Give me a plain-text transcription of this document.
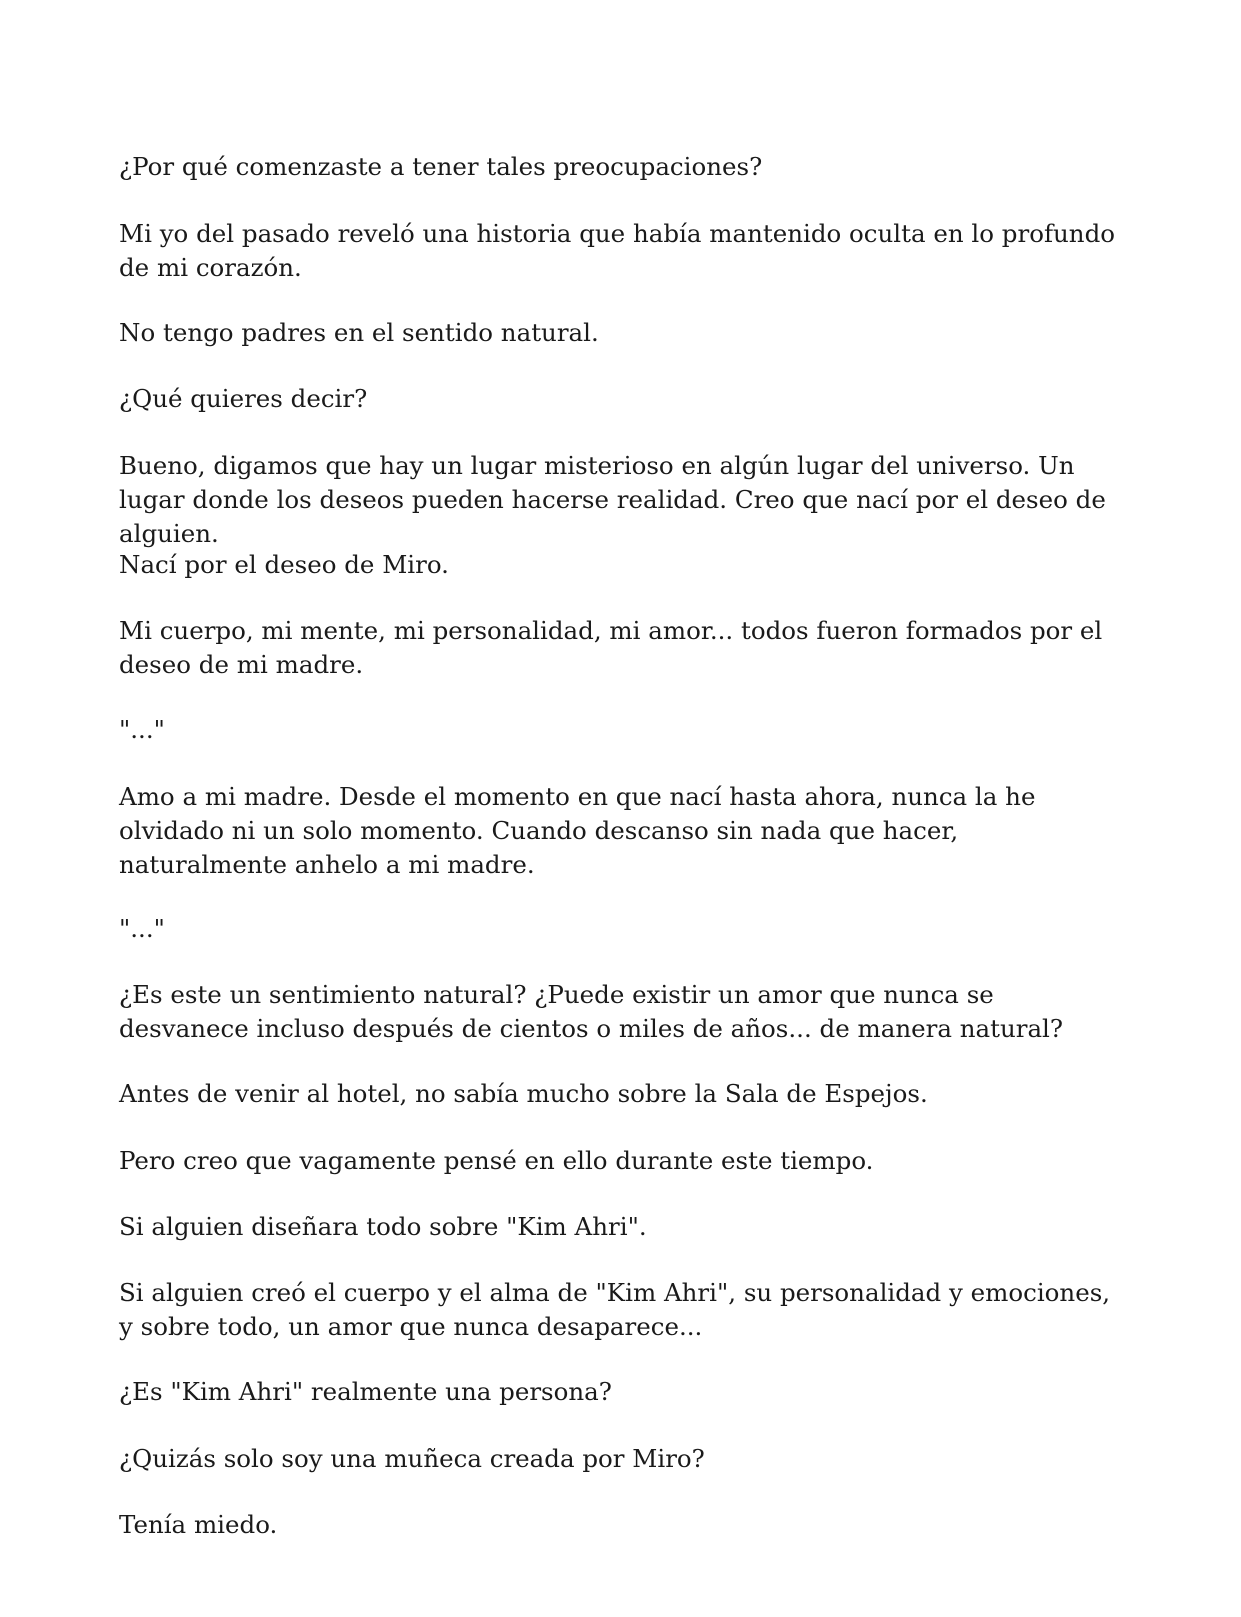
¿Por qué comenzaste a tener tales preocupaciones?

Mi yo del pasado reveló una historia que había mantenido oculta en lo profundo de mi corazón.

No tengo padres en el sentido natural.

¿Qué quieres decir?

Bueno, digamos que hay un lugar misterioso en algún lugar del universo. Un lugar donde los deseos pueden hacerse realidad. Creo que nací por el deseo de alguien.

Nací por el deseo de Miro.

Mi cuerpo, mi mente, mi personalidad, mi amor... todos fueron formados por el deseo de mi madre.

"..."

Amo a mi madre. Desde el momento en que nací hasta ahora, nunca la he olvidado ni un solo momento. Cuando descanso sin nada que hacer, naturalmente anhelo a mi madre.

"..."

¿Es este un sentimiento natural? ¿Puede existir un amor que nunca se desvanece incluso después de cientos o miles de años... de manera natural?

Antes de venir al hotel, no sabía mucho sobre la Sala de Espejos.

Pero creo que vagamente pensé en ello durante este tiempo.

Si alguien diseñara todo sobre "Kim Ahri".

Si alguien creó el cuerpo y el alma de "Kim Ahri", su personalidad y emociones, y sobre todo, un amor que nunca desaparece...

¿Es "Kim Ahri" realmente una persona?

¿Quizás solo soy una muñeca creada por Miro?

Tenía miedo.
